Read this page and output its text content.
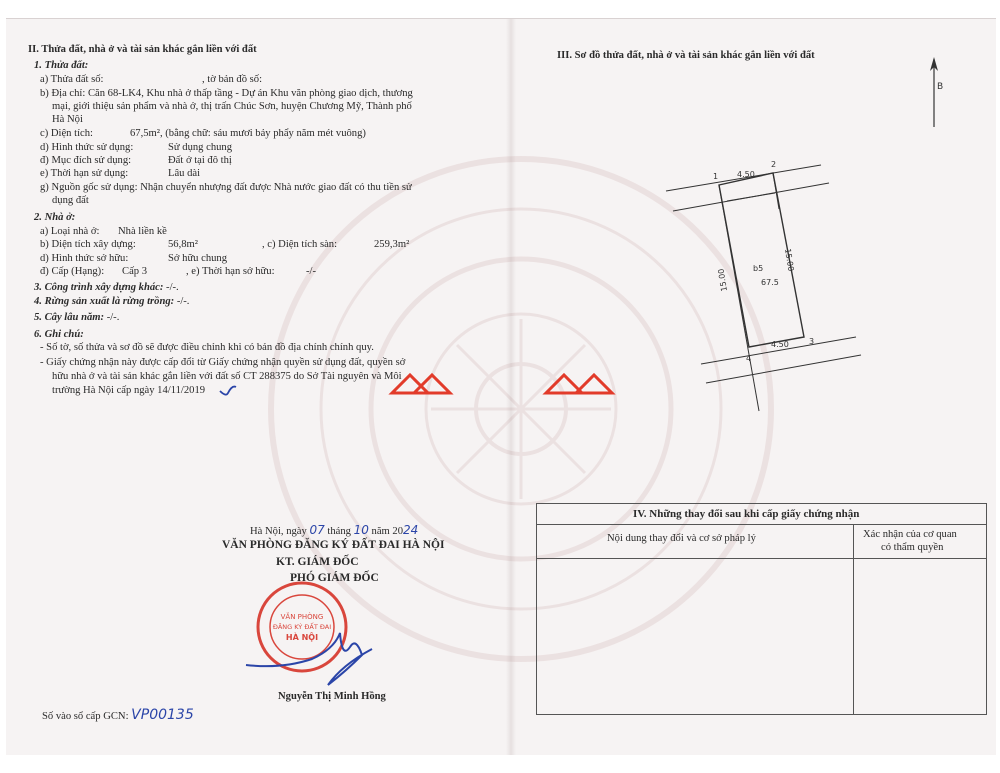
II. Thửa đất, nhà ở và tài sản khác gắn liền với đất
1. Thửa đất:
a) Thửa đất số:	, tờ bản đồ số:
b) Địa chỉ: Căn 68-LK4, Khu nhà ở thấp tầng - Dự án Khu văn phòng giao dịch, thương
mại, giới thiệu sản phẩm và nhà ở, thị trấn Chúc Sơn, huyện Chương Mỹ, Thành phố
Hà Nội
c) Diện tích:	67,5m², (bằng chữ: sáu mươi bảy phẩy năm mét vuông)
d) Hình thức sử dụng:	Sử dụng chung
đ) Mục đích sử dụng:	Đất ở tại đô thị
e) Thời hạn sử dụng:	Lâu dài
g) Nguồn gốc sử dụng: Nhận chuyển nhượng đất được Nhà nước giao đất có thu tiền sử
dụng đất
2. Nhà ở:
a) Loại nhà ở: Nhà liền kề
b) Diện tích xây dựng:	56,8m²	, c) Diện tích sàn:	259,3m²
d) Hình thức sở hữu:	Sở hữu chung
đ) Cấp (Hạng): Cấp 3	, e) Thời hạn sở hữu:	-/-
3. Công trình xây dựng khác: -/-.
4. Rừng sản xuất là rừng trồng: -/-.
5. Cây lâu năm: -/-.
6. Ghi chú:
- Số tờ, số thửa và sơ đồ sẽ được điều chỉnh khi có bản đồ địa chính chính quy.
- Giấy chứng nhận này được cấp đổi từ Giấy chứng nhận quyền sử dụng đất, quyền sở
hữu nhà ở và tài sản khác gắn liền với đất số CT 288375 do Sở Tài nguyên và Môi
trường Hà Nội cấp ngày 14/11/2019
Hà Nội, ngày 07 tháng 10 năm 2024
VĂN PHÒNG ĐĂNG KÝ ĐẤT ĐAI HÀ NỘI
KT. GIÁM ĐỐC
PHÓ GIÁM ĐỐC
VĂN PHÒNG
ĐĂNG KÝ ĐẤT ĐAI
HÀ NỘI
Nguyễn Thị Minh Hồng
Số vào sổ cấp GCN: VP00135
III. Sơ đồ thửa đất, nhà ở và tài sản khác gắn liền với đất
B
1
2
3
4
4.50
4.50
b5
67.5
15.00
15.00
IV. Những thay đổi sau khi cấp giấy chứng nhận
Nội dung thay đổi và cơ sở pháp lý	Xác nhận của cơ quan
có thẩm quyền
